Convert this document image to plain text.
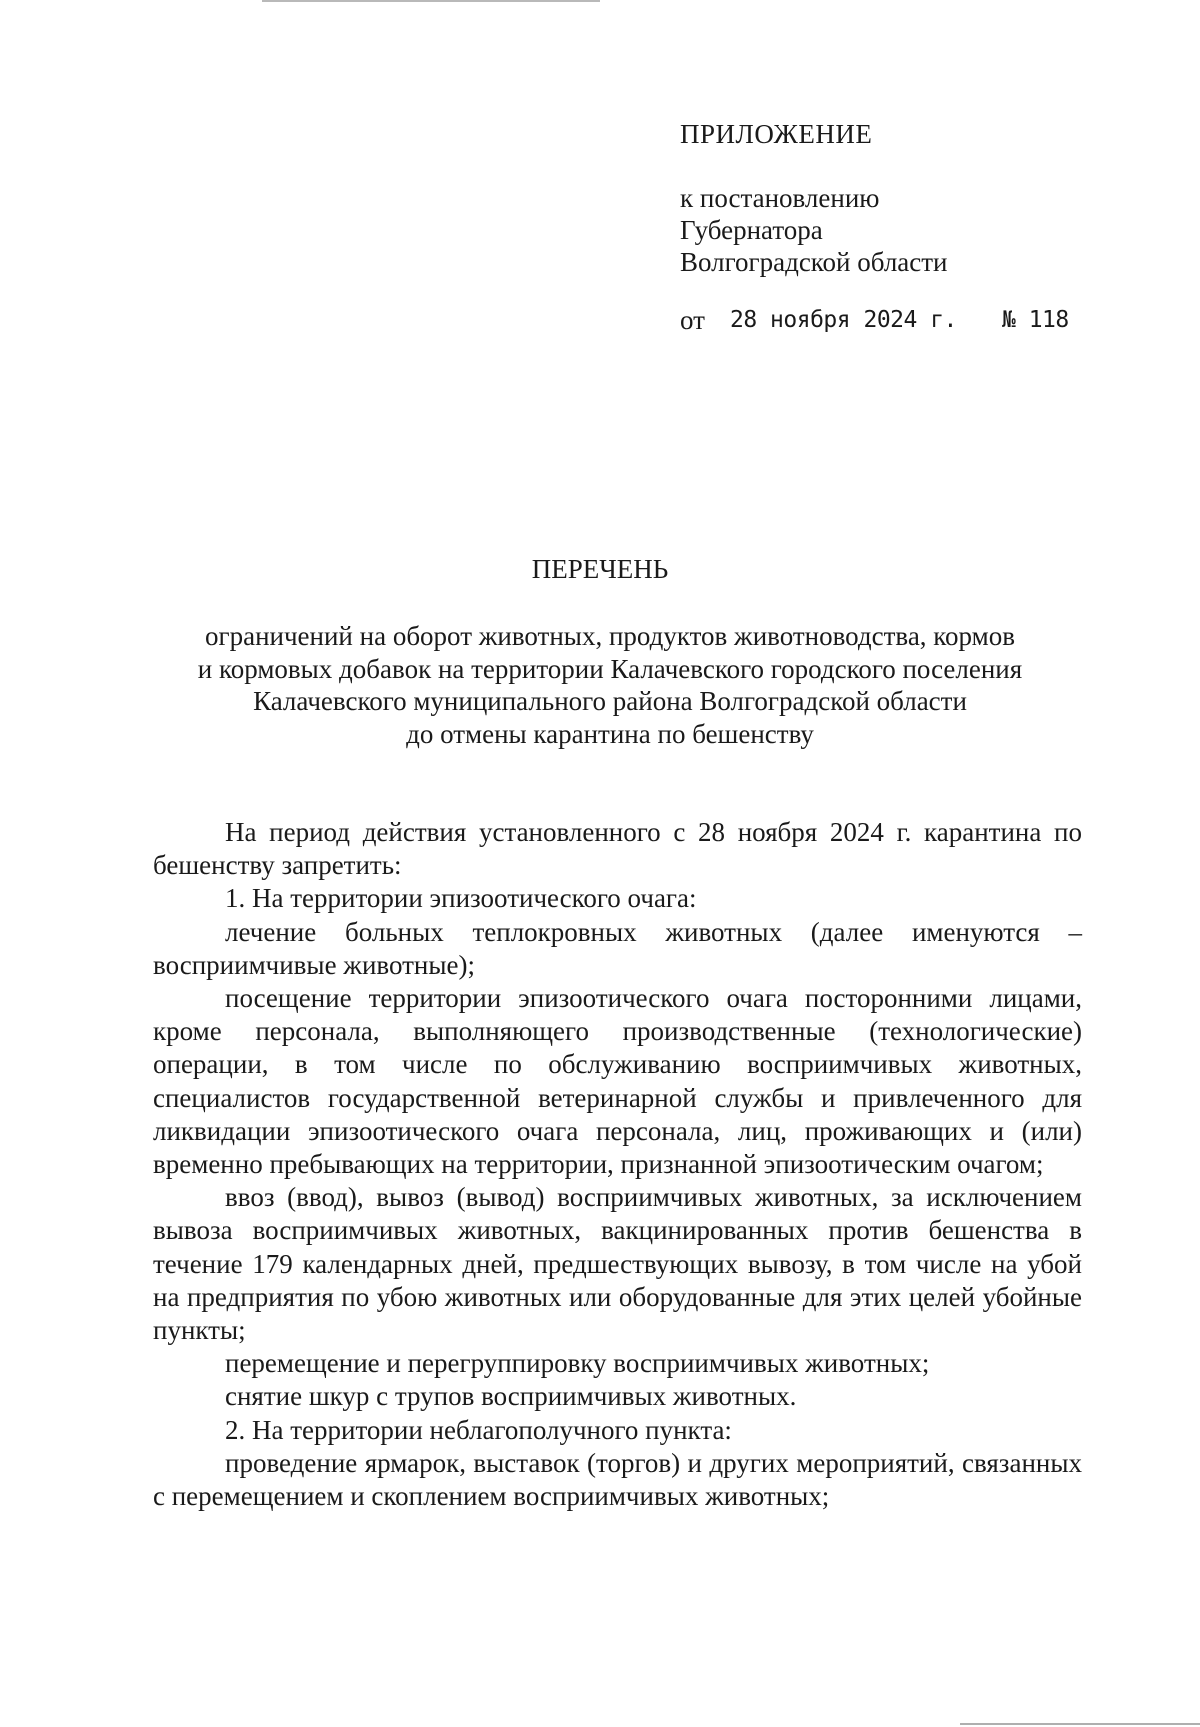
ПРИЛОЖЕНИЕ
к постановлению
Губернатора
Волгоградской области
от 28 ноября 2024 г. № 118
ПЕРЕЧЕНЬ
ограничений на оборот животных, продуктов животноводства, кормов
и кормовых добавок на территории Калачевского городского поселения
Калачевского муниципального района Волгоградской области
до отмены карантина по бешенству

На период действия установленного с 28 ноября 2024 г. карантина по бешенству запретить:

1. На территории эпизоотического очага:

лечение больных теплокровных животных (далее именуются – восприимчивые животные);

посещение территории эпизоотического очага посторонними лицами, кроме персонала, выполняющего производственные (технологические) операции, в том числе по обслуживанию восприимчивых животных, специалистов государственной ветеринарной службы и привлеченного для ликвидации эпизоотического очага персонала, лиц, проживающих и (или) временно пребывающих на территории, признанной эпизоотическим очагом;

ввоз (ввод), вывоз (вывод) восприимчивых животных, за исключением вывоза восприимчивых животных, вакцинированных против бешенства в течение 179 календарных дней, предшествующих вывозу, в том числе на убой на предприятия по убою животных или оборудованные для этих целей убойные пункты;

перемещение и перегруппировку восприимчивых животных;

снятие шкур с трупов восприимчивых животных.

2. На территории неблагополучного пункта:

проведение ярмарок, выставок (торгов) и других мероприятий, связанных с перемещением и скоплением восприимчивых животных;
